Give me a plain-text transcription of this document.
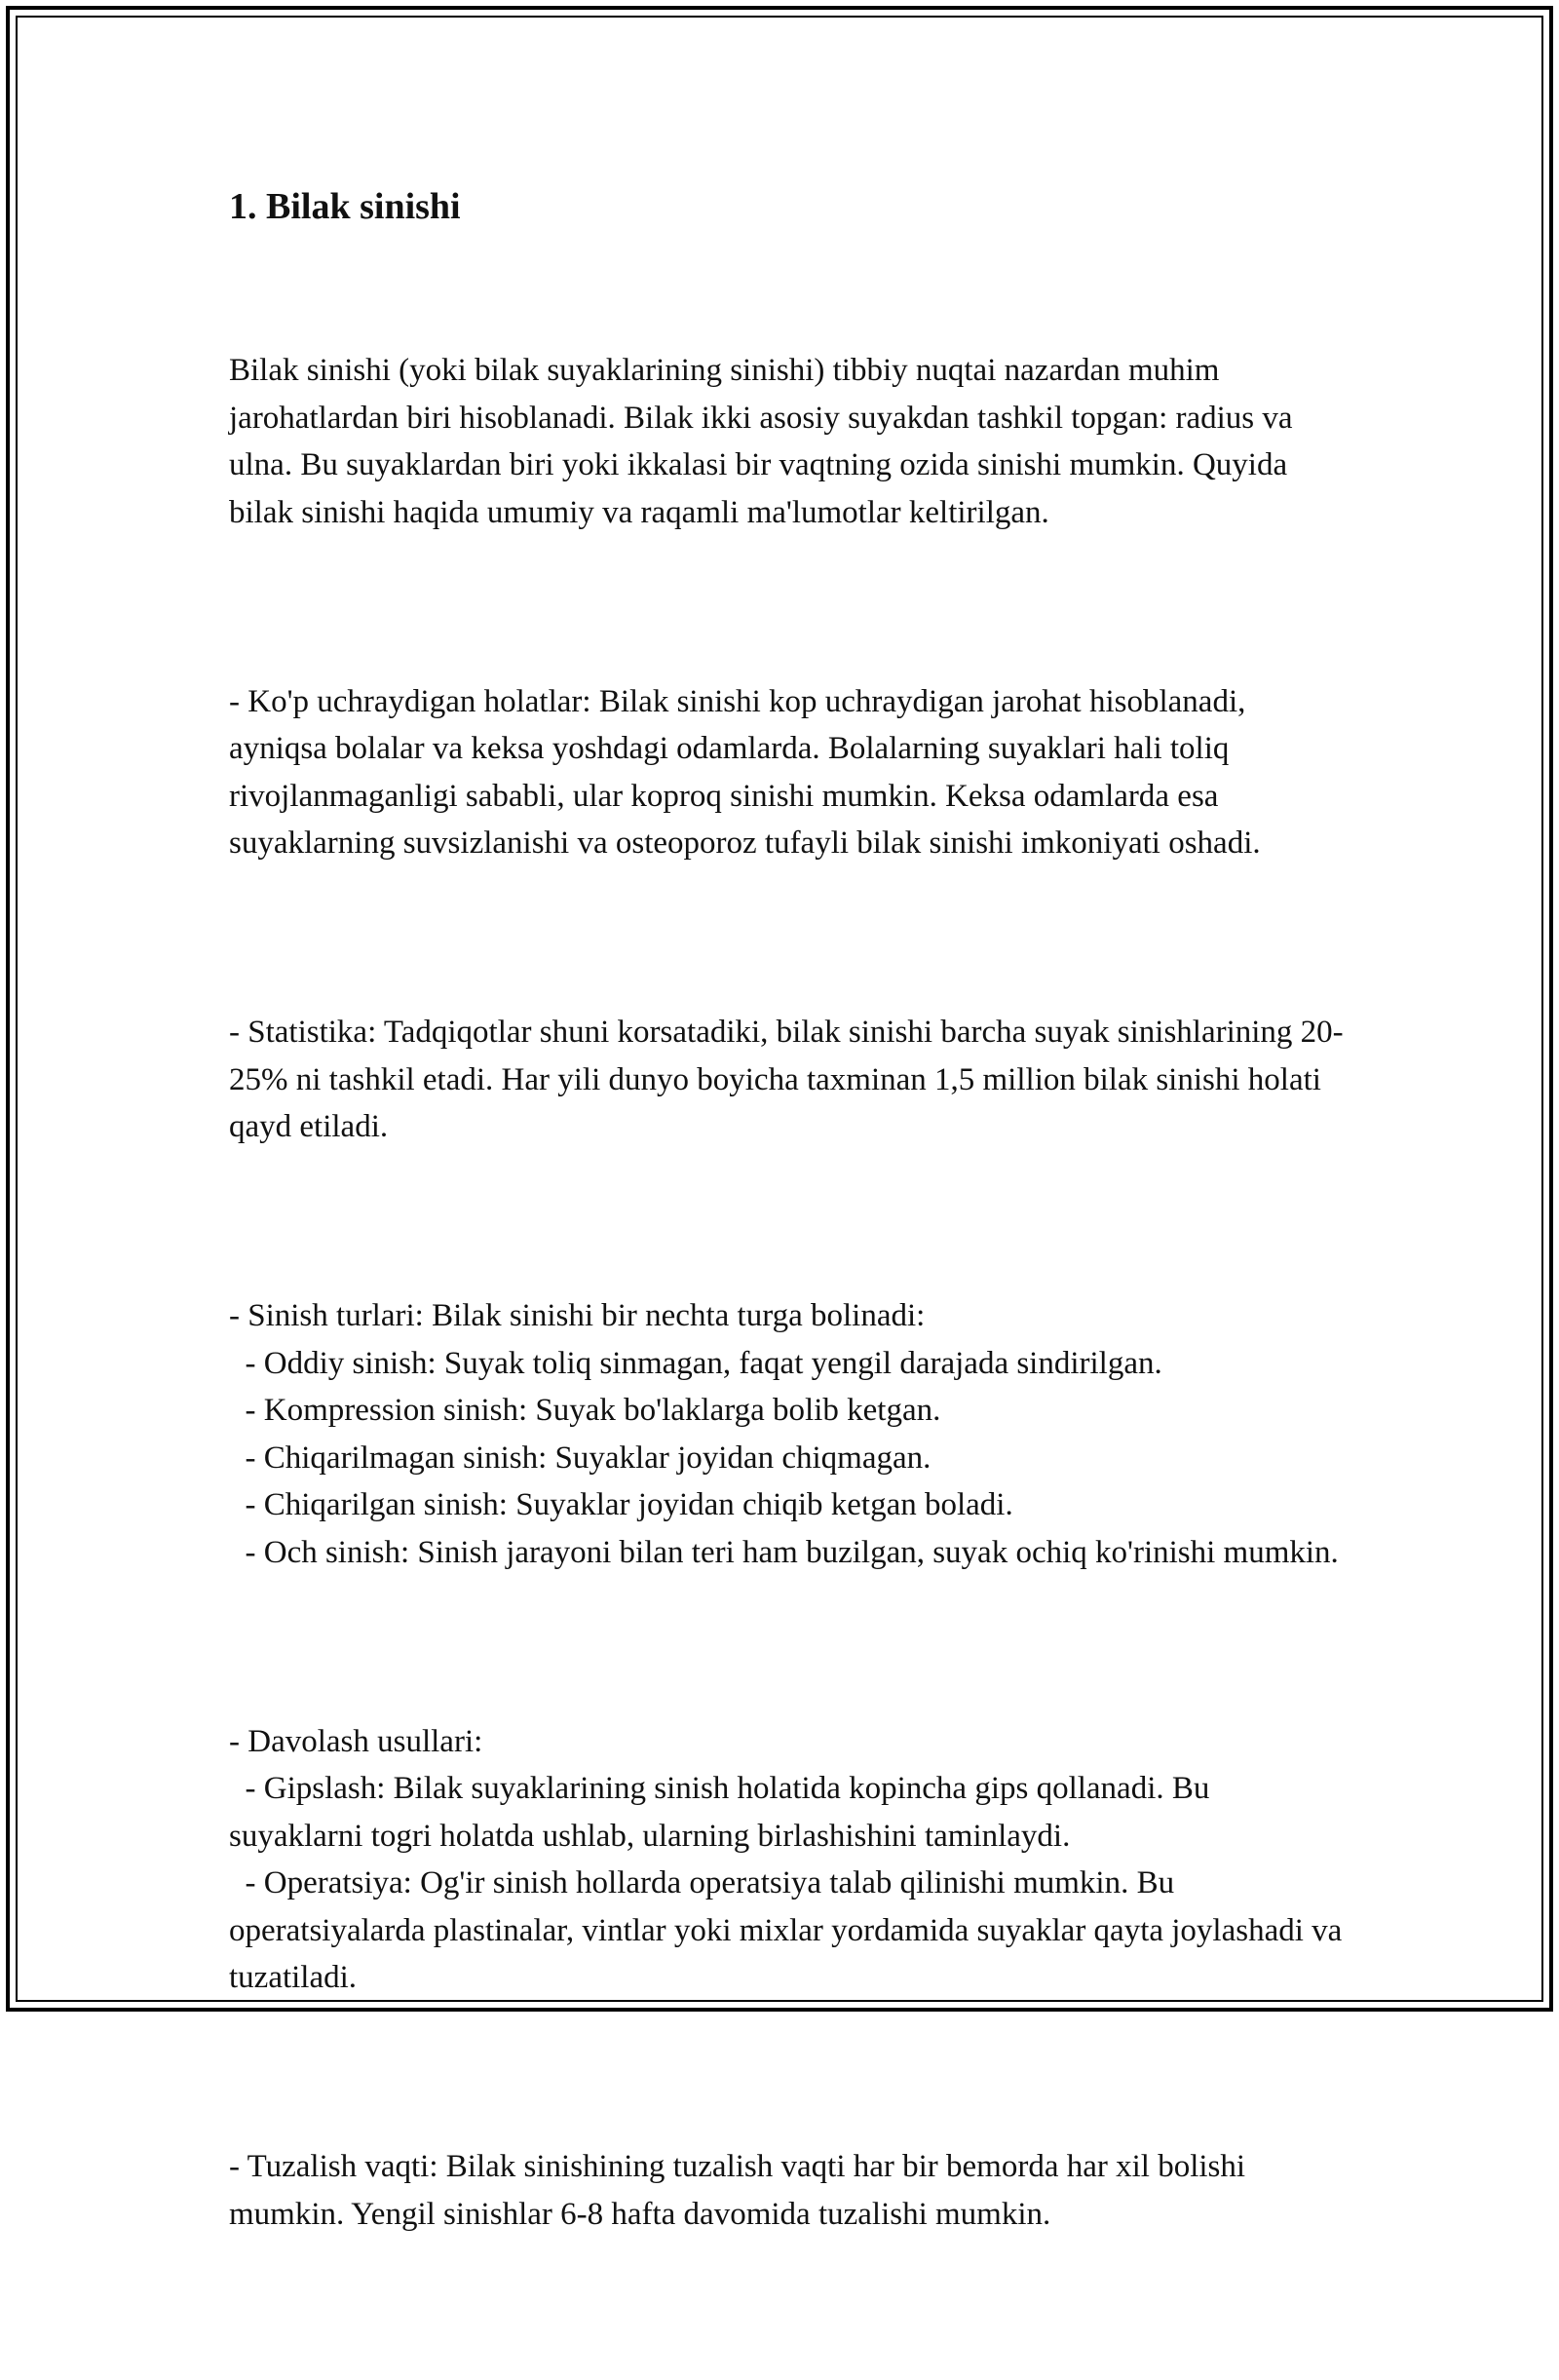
1. Bilak sinishi

Bilak sinishi (yoki bilak suyaklarining sinishi) tibbiy nuqtai nazardan muhim jarohatlardan biri hisoblanadi. Bilak ikki asosiy suyakdan tashkil topgan: radius va ulna. Bu suyaklardan biri yoki ikkalasi bir vaqtning ozida sinishi mumkin. Quyida bilak sinishi haqida umumiy va raqamli ma'lumotlar keltirilgan.

- Ko'p uchraydigan holatlar: Bilak sinishi kop uchraydigan jarohat hisoblanadi, ayniqsa bolalar va keksa yoshdagi odamlarda. Bolalarning suyaklari hali toliq rivojlanmaganligi sababli, ular koproq sinishi mumkin. Keksa odamlarda esa suyaklarning suvsizlanishi va osteoporoz tufayli bilak sinishi imkoniyati oshadi.

- Statistika: Tadqiqotlar shuni korsatadiki, bilak sinishi barcha suyak sinishlarining 20-25% ni tashkil etadi. Har yili dunyo boyicha taxminan 1,5 million bilak sinishi holati qayd etiladi.

- Sinish turlari: Bilak sinishi bir nechta turga bolinadi:
- Oddiy sinish: Suyak toliq sinmagan, faqat yengil darajada sindirilgan.
- Kompression sinish: Suyak bo'laklarga bolib ketgan.
- Chiqarilmagan sinish: Suyaklar joyidan chiqmagan.
- Chiqarilgan sinish: Suyaklar joyidan chiqib ketgan boladi.
- Och sinish: Sinish jarayoni bilan teri ham buzilgan, suyak ochiq ko'rinishi mumkin.

- Davolash usullari:
- Gipslash: Bilak suyaklarining sinish holatida kopincha gips qollanadi. Bu suyaklarni togri holatda ushlab, ularning birlashishini taminlaydi.
- Operatsiya: Og'ir sinish hollarda operatsiya talab qilinishi mumkin. Bu operatsiyalarda plastinalar, vintlar yoki mixlar yordamida suyaklar qayta joylashadi va tuzatiladi.

- Tuzalish vaqti: Bilak sinishining tuzalish vaqti har bir bemorda har xil bolishi mumkin. Yengil sinishlar 6-8 hafta davomida tuzalishi mumkin.
